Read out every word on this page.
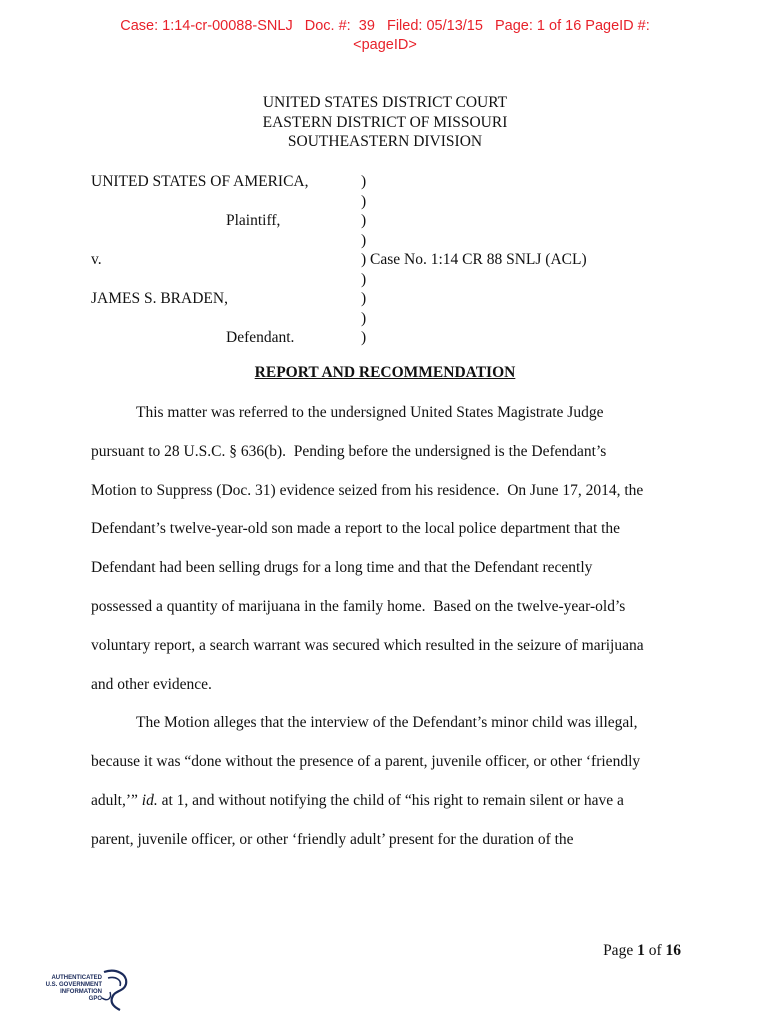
Case: 1:14-cr-00088-SNLJ   Doc. #:  39   Filed: 05/13/15   Page: 1 of 16 PageID #:
<pageID>
UNITED STATES DISTRICT COURT
EASTERN DISTRICT OF MISSOURI
SOUTHEASTERN DIVISION
UNITED STATES OF AMERICA,
Plaintiff,
v.
JAMES S. BRADEN,
Defendant.
)
)
)
)
) Case No. 1:14 CR 88 SNLJ (ACL)
)
)
)
)
REPORT AND RECOMMENDATION
This matter was referred to the undersigned United States Magistrate Judge
pursuant to 28 U.S.C. § 636(b).  Pending before the undersigned is the Defendant’s
Motion to Suppress (Doc. 31) evidence seized from his residence.  On June 17, 2014, the
Defendant’s twelve-year-old son made a report to the local police department that the
Defendant had been selling drugs for a long time and that the Defendant recently
possessed a quantity of marijuana in the family home.  Based on the twelve-year-old’s
voluntary report, a search warrant was secured which resulted in the seizure of marijuana
and other evidence.
The Motion alleges that the interview of the Defendant’s minor child was illegal,
because it was “done without the presence of a parent, juvenile officer, or other ‘friendly
adult,’” id. at 1, and without notifying the child of “his right to remain silent or have a
parent, juvenile officer, or other ‘friendly adult’ present for the duration of the
Page 1 of 16
AUTHENTICATED
U.S. GOVERNMENT
INFORMATION
GPO
